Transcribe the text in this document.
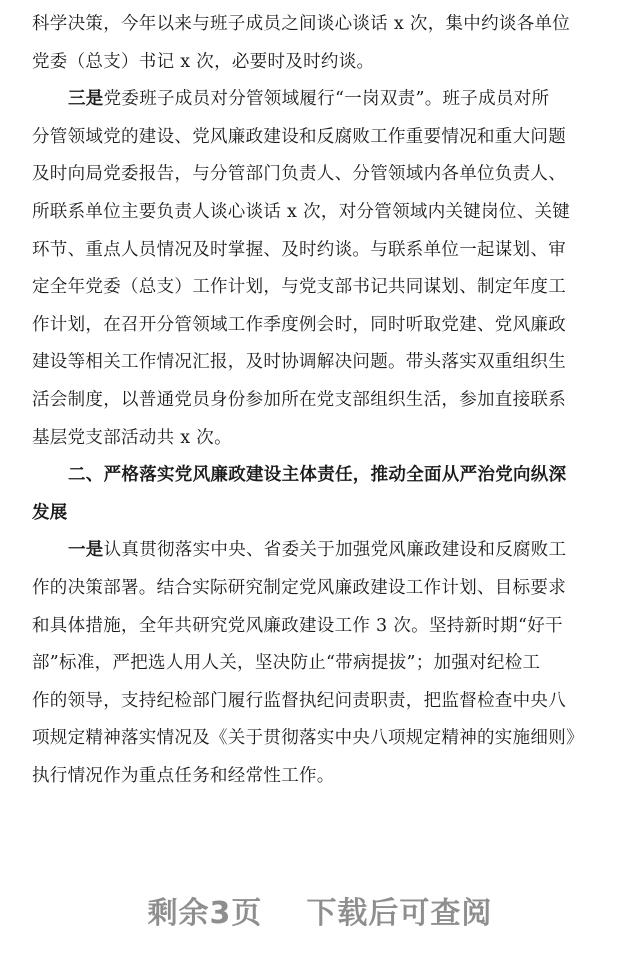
科学决策，今年以来与班子成员之间谈心谈话 x 次，集中约谈各单位
党委（总支）书记 x 次，必要时及时约谈。
三是党委班子成员对分管领域履行“一岗双责”。班子成员对所
分管领域党的建设、党风廉政建设和反腐败工作重要情况和重大问题
及时向局党委报告，与分管部门负责人、分管领域内各单位负责人、
所联系单位主要负责人谈心谈话 x 次，对分管领域内关键岗位、关键
环节、重点人员情况及时掌握、及时约谈。与联系单位一起谋划、审
定全年党委（总支）工作计划，与党支部书记共同谋划、制定年度工
作计划，在召开分管领域工作季度例会时，同时听取党建、党风廉政
建设等相关工作情况汇报，及时协调解决问题。带头落实双重组织生
活会制度，以普通党员身份参加所在党支部组织生活，参加直接联系
基层党支部活动共 x 次。
二、严格落实党风廉政建设主体责任，推动全面从严治党向纵深
发展
一是认真贯彻落实中央、省委关于加强党风廉政建设和反腐败工
作的决策部署。结合实际研究制定党风廉政建设工作计划、目标要求
和具体措施，全年共研究党风廉政建设工作 3 次。坚持新时期“好干
部”标准，严把选人用人关，坚决防止“带病提拔”；加强对纪检工
作的领导，支持纪检部门履行监督执纪问责职责，把监督检查中央八
项规定精神落实情况及《关于贯彻落实中央八项规定精神的实施细则》
执行情况作为重点任务和经常性工作。
剩余3页 下载后可查阅
